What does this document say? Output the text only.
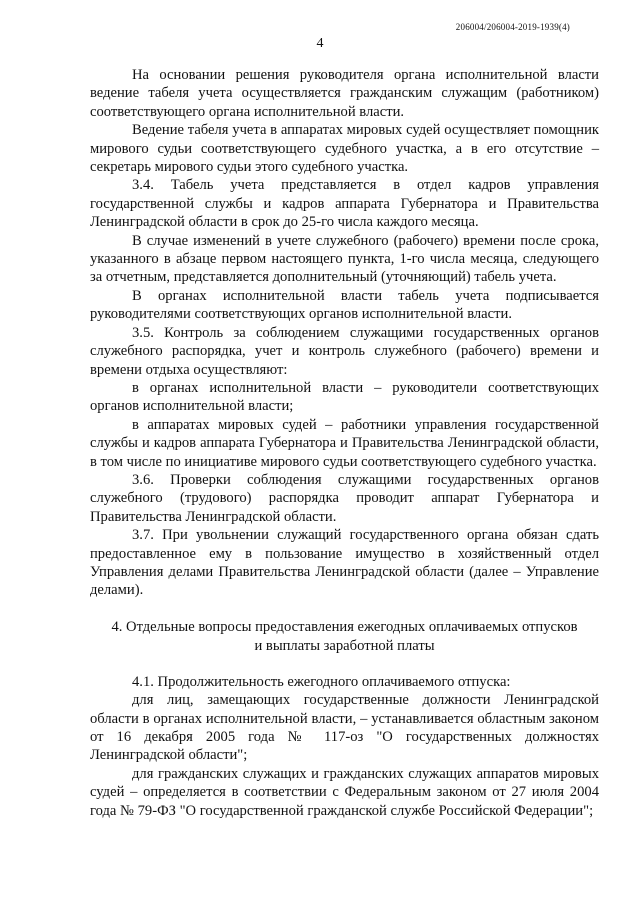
206004/206004-2019-1939(4)
4

На основании решения руководителя органа исполнительной власти ведение табеля учета осуществляется гражданским служащим (работником) соответствующего органа исполнительной власти.

Ведение табеля учета в аппаратах мировых судей осуществляет помощник мирового судьи соответствующего судебного участка, а в его отсутствие – секретарь мирового судьи этого судебного участка.

3.4. Табель учета представляется в отдел кадров управления государственной службы и кадров аппарата Губернатора и Правительства Ленинградской области в срок до 25-го числа каждого месяца.

В случае изменений в учете служебного (рабочего) времени после срока, указанного в абзаце первом настоящего пункта, 1-го числа месяца, следующего за отчетным, представляется дополнительный (уточняющий) табель учета.

В органах исполнительной власти табель учета подписывается руководителями соответствующих органов исполнительной власти.

3.5. Контроль за соблюдением служащими государственных органов служебного распорядка, учет и контроль служебного (рабочего) времени и времени отдыха осуществляют:

в органах исполнительной власти – руководители соответствующих органов исполнительной власти;

в аппаратах мировых судей – работники управления государственной службы и кадров аппарата Губернатора и Правительства Ленинградской области, в том числе по инициативе мирового судьи соответствующего судебного участка.

3.6. Проверки соблюдения служащими государственных органов служебного (трудового) распорядка проводит аппарат Губернатора и Правительства Ленинградской области.

3.7. При увольнении служащий государственного органа обязан сдать предоставленное ему в пользование имущество в хозяйственный отдел Управления делами Правительства Ленинградской области (далее – Управление делами).

4. Отдельные вопросы предоставления ежегодных оплачиваемых отпусков
и выплаты заработной платы

4.1. Продолжительность ежегодного оплачиваемого отпуска:

для лиц, замещающих государственные должности Ленинградской области в органах исполнительной власти, – устанавливается областным законом от 16 декабря 2005 года № 117-оз "О государственных должностях Ленинградской области";

для гражданских служащих и гражданских служащих аппаратов мировых судей – определяется в соответствии с Федеральным законом от 27 июля 2004 года № 79-ФЗ "О государственной гражданской службе Российской Федерации";
